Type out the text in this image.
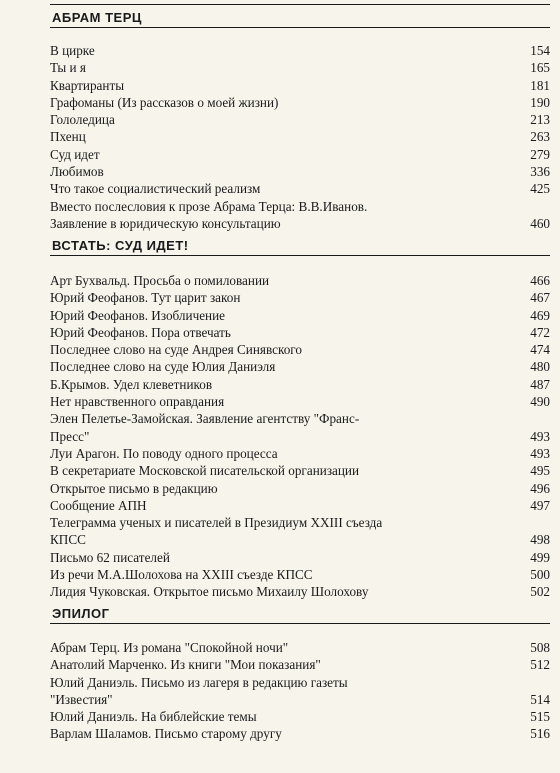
АБРАМ ТЕРЦ
В цирке	154
Ты и я	165
Квартиранты	181
Графоманы (Из рассказов о моей жизни)	190
Гололедица	213
Пхенц	263
Суд идет	279
Любимов	336
Что такое социалистический реализм	425
Вместо послесловия к прозе Абрама Терца: В.В.Иванов.
Заявление в юридическую консультацию	460
ВСТАТЬ: СУД ИДЕТ!
Арт Бухвальд. Просьба о помиловании	466
Юрий Феофанов. Тут царит закон	467
Юрий Феофанов. Изобличение	469
Юрий Феофанов. Пора отвечать	472
Последнее слово на суде Андрея Синявского	474
Последнее слово на суде Юлия Даниэля	480
Б.Крымов. Удел клеветников	487
Нет нравственного оправдания	490
Элен Пелетье-Замойская. Заявление агентству "Франс-
Пресс"	493
Луи Арагон. По поводу одного процесса	493
В секретариате Московской писательской организации	495
Открытое письмо в редакцию	496
Сообщение АПН	497
Телеграмма ученых и писателей в Президиум XXIII съезда
КПСС	498
Письмо 62 писателей	499
Из речи М.А.Шолохова на XXIII съезде КПСС	500
Лидия Чуковская. Открытое письмо Михаилу Шолохову	502
ЭПИЛОГ
Абрам Терц. Из романа "Спокойной ночи"	508
Анатолий Марченко. Из книги "Мои показания"	512
Юлий Даниэль. Письмо из лагеря в редакцию газеты
"Известия"	514
Юлий Даниэль. На библейские темы	515
Варлам Шаламов. Письмо старому другу	516
